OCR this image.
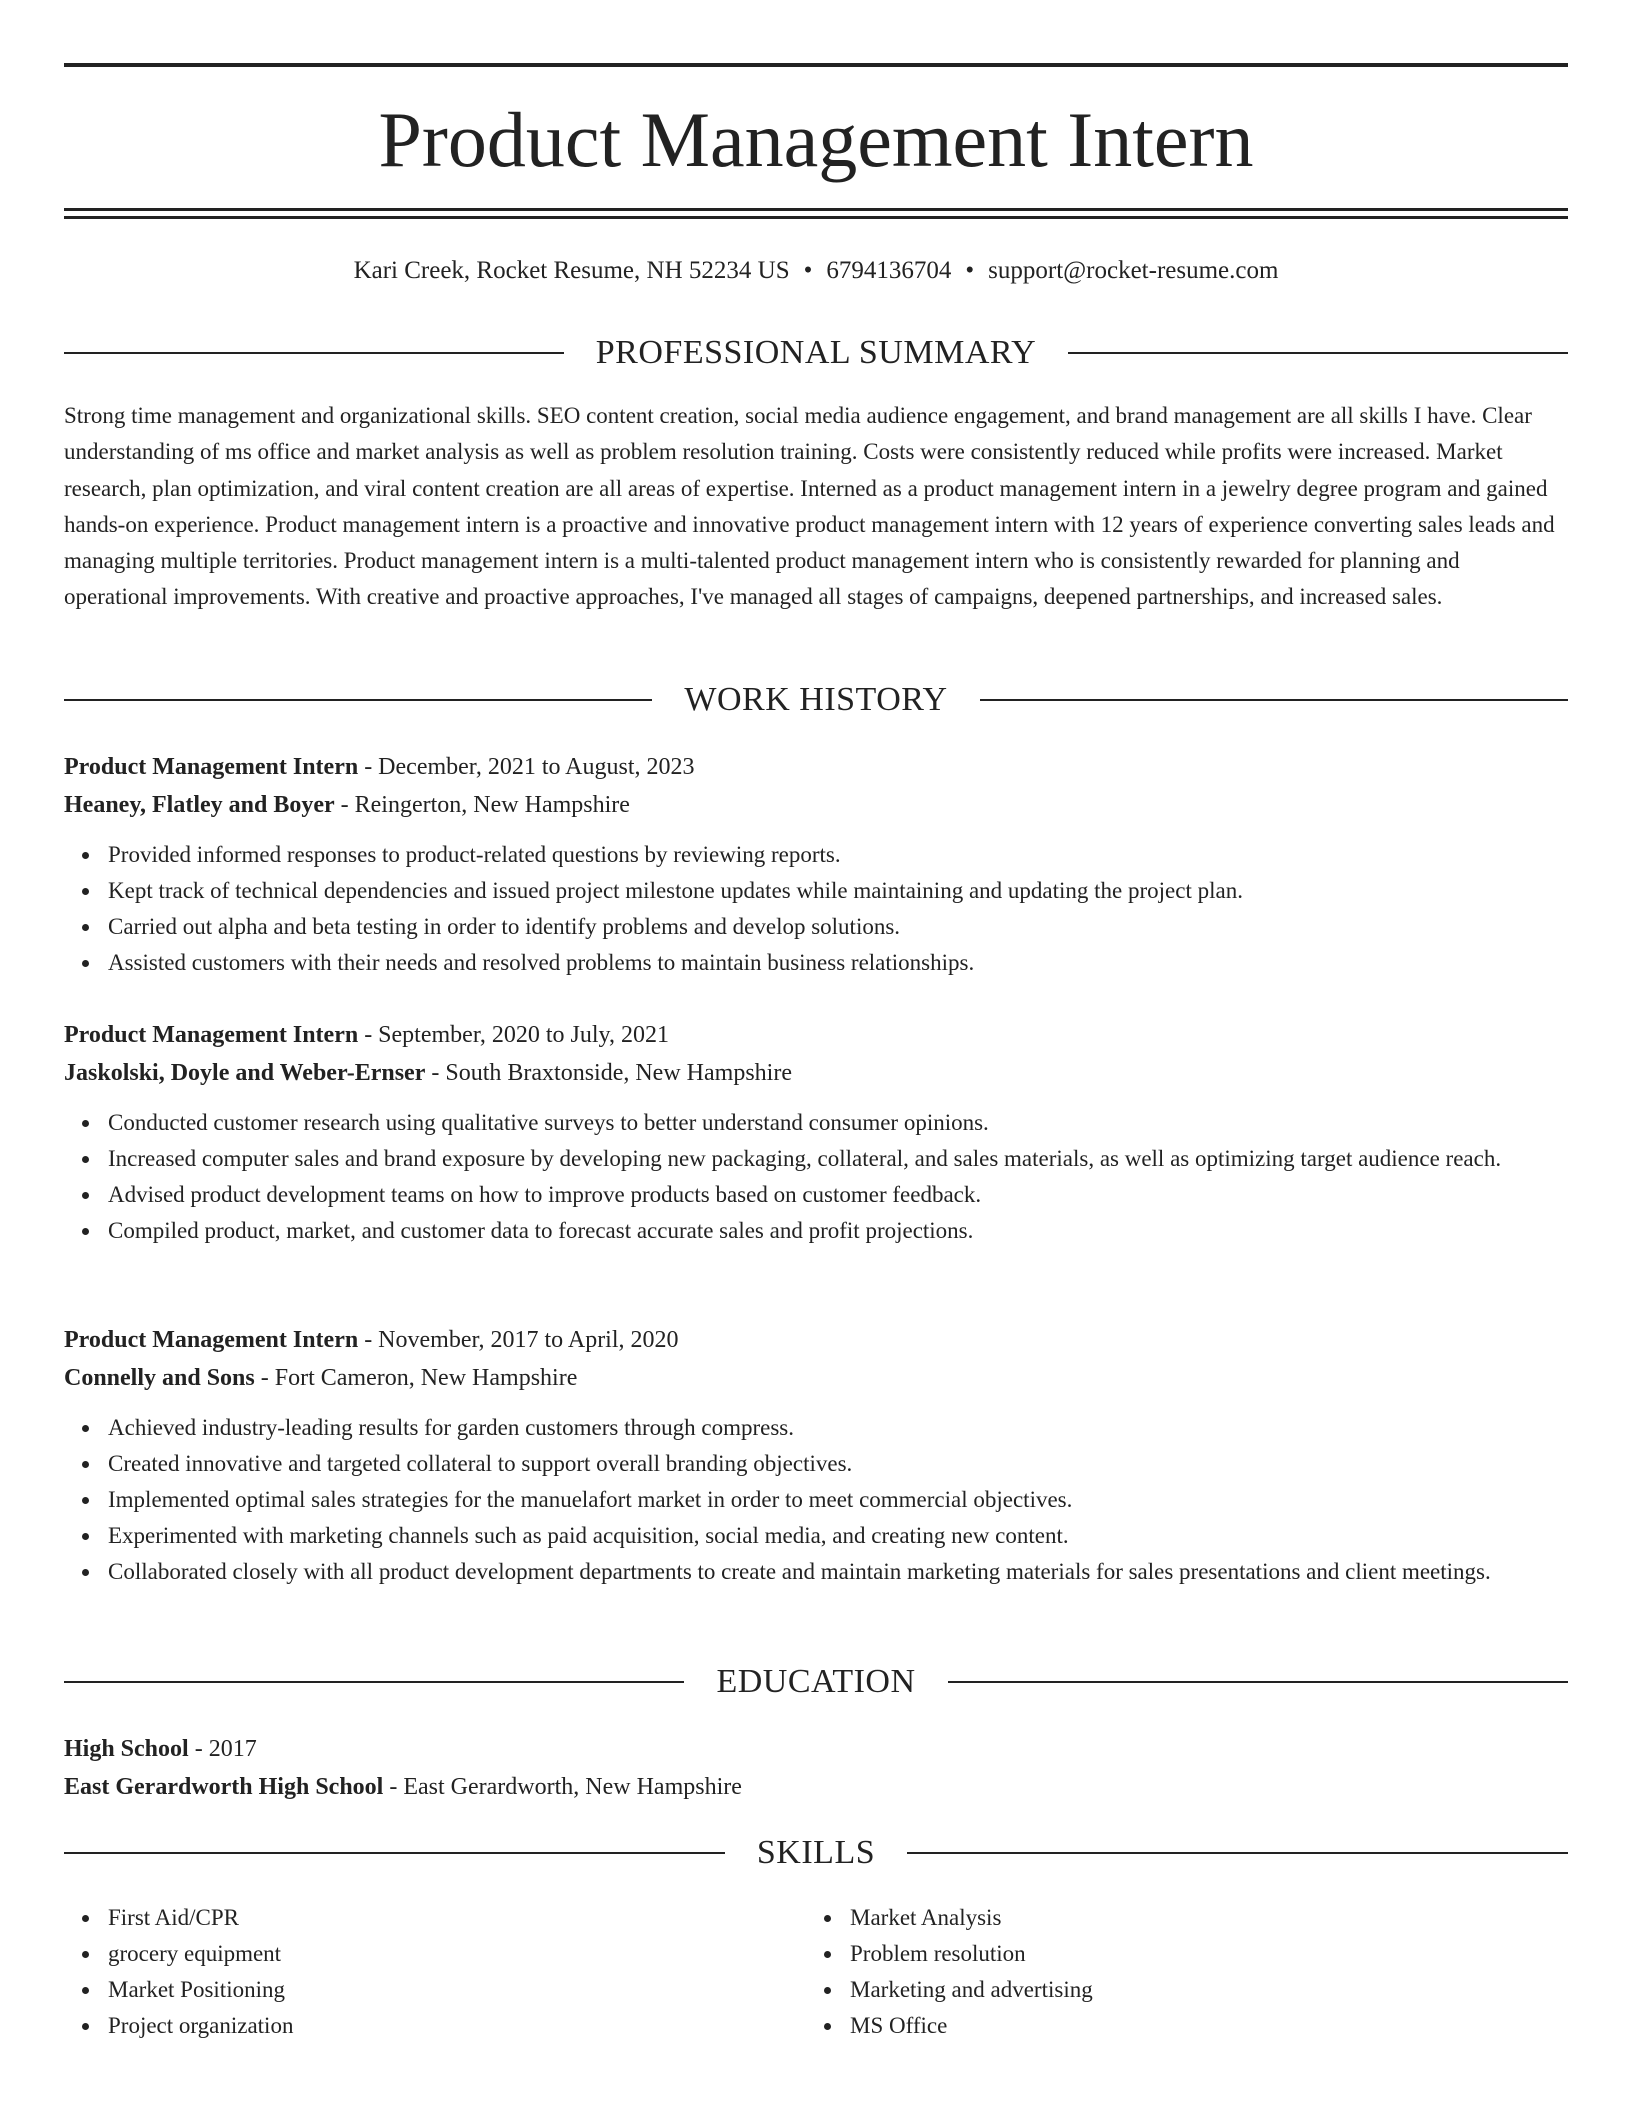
Product Management Intern
Kari Creek, Rocket Resume, NH 52234 US • 6794136704 • support@rocket-resume.com
PROFESSIONAL SUMMARY
Strong time management and organizational skills. SEO content creation, social media audience engagement, and brand management are all skills I have. Clear understanding of ms office and market analysis as well as problem resolution training. Costs were consistently reduced while profits were increased. Market research, plan optimization, and viral content creation are all areas of expertise. Interned as a product management intern in a jewelry degree program and gained hands-on experience. Product management intern is a proactive and innovative product management intern with 12 years of experience converting sales leads and managing multiple territories. Product management intern is a multi-talented product management intern who is consistently rewarded for planning and operational improvements. With creative and proactive approaches, I've managed all stages of campaigns, deepened partnerships, and increased sales.
WORK HISTORY
Product Management Intern - December, 2021 to August, 2023
Heaney, Flatley and Boyer - Reingerton, New Hampshire
Provided informed responses to product-related questions by reviewing reports.
Kept track of technical dependencies and issued project milestone updates while maintaining and updating the project plan.
Carried out alpha and beta testing in order to identify problems and develop solutions.
Assisted customers with their needs and resolved problems to maintain business relationships.
Product Management Intern - September, 2020 to July, 2021
Jaskolski, Doyle and Weber-Ernser - South Braxtonside, New Hampshire
Conducted customer research using qualitative surveys to better understand consumer opinions.
Increased computer sales and brand exposure by developing new packaging, collateral, and sales materials, as well as optimizing target audience reach.
Advised product development teams on how to improve products based on customer feedback.
Compiled product, market, and customer data to forecast accurate sales and profit projections.
Product Management Intern - November, 2017 to April, 2020
Connelly and Sons - Fort Cameron, New Hampshire
Achieved industry-leading results for garden customers through compress.
Created innovative and targeted collateral to support overall branding objectives.
Implemented optimal sales strategies for the manuelafort market in order to meet commercial objectives.
Experimented with marketing channels such as paid acquisition, social media, and creating new content.
Collaborated closely with all product development departments to create and maintain marketing materials for sales presentations and client meetings.
EDUCATION
High School - 2017
East Gerardworth High School - East Gerardworth, New Hampshire
SKILLS
First Aid/CPR
grocery equipment
Market Positioning
Project organization
Market Analysis
Problem resolution
Marketing and advertising
MS Office
